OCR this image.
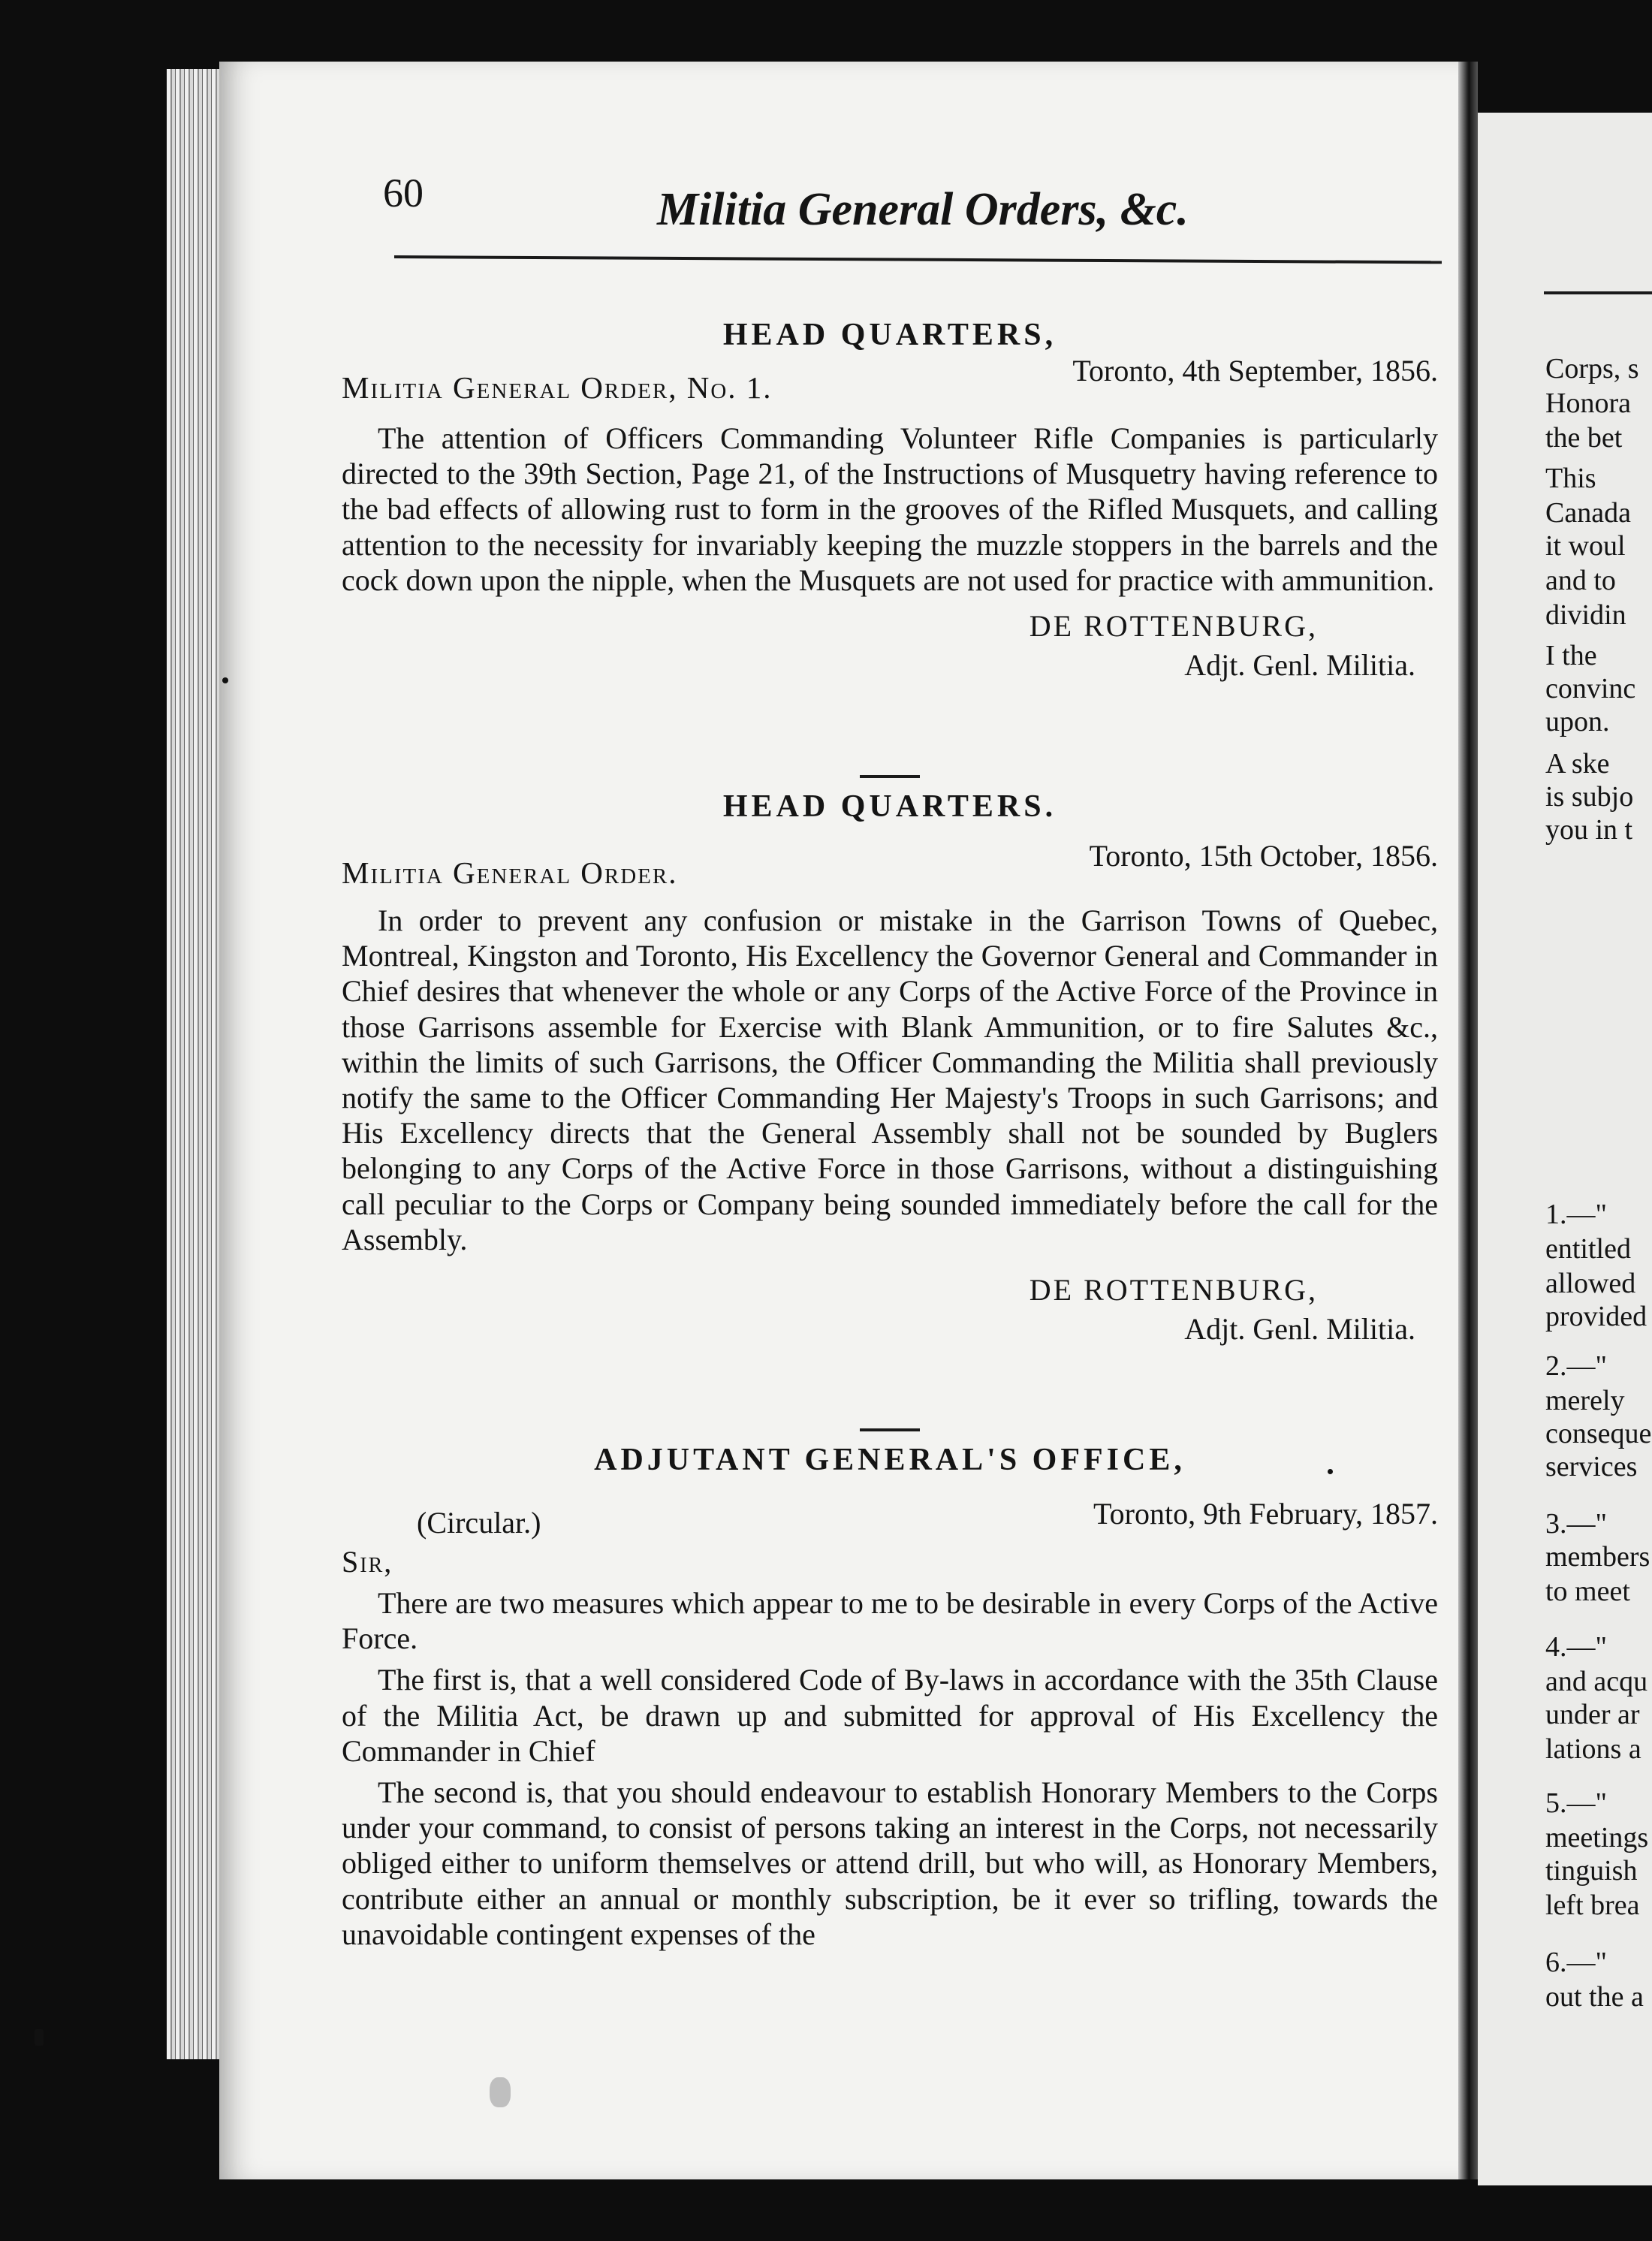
Corps, s
Honora
the bet
This
Canada
it woul
and to
dividin
I the
convinc
upon.
A ske
is subjo
you in t
1.—"
entitled
allowed
provided
2.—"
merely
conseque
services
3.—"
members
to meet
4.—"
and acqu
under ar
lations a
5.—"
meetings
tinguish
left brea
6.—"
out the a
60	Militia General Orders, &c.
HEAD QUARTERS,
Toronto, 4th September, 1856.
Militia General Order, No. 1.

The attention of Officers Commanding Volunteer Rifle Companies is particularly directed to the 39th Section, Page 21, of the Instructions of Musquetry having reference to the bad effects of allowing rust to form in the grooves of the Rifled Musquets, and calling attention to the necessity for invariably keeping the muzzle stoppers in the barrels and the cock down upon the nipple, when the Musquets are not used for practice with ammunition.

DE ROTTENBURG,
Adjt. Genl. Militia.
HEAD QUARTERS.
Toronto, 15th October, 1856.
Militia General Order.

In order to prevent any confusion or mistake in the Garrison Towns of Quebec, Montreal, Kingston and Toronto, His Excellency the Governor General and Commander in Chief desires that whenever the whole or any Corps of the Active Force of the Province in those Garrisons assemble for Exercise with Blank Ammunition, or to fire Salutes &c., within the limits of such Garrisons, the Officer Commanding the Militia shall previously notify the same to the Officer Commanding Her Majesty's Troops in such Garrisons; and His Excellency directs that the General Assembly shall not be sounded by Buglers belonging to any Corps of the Active Force in those Garrisons, without a distinguishing call peculiar to the Corps or Company being sounded immediately before the call for the Assembly.

DE ROTTENBURG,
Adjt. Genl. Militia.
ADJUTANT GENERAL'S OFFICE,
(Circular.)	Toronto, 9th February, 1857.
Sir,

There are two measures which appear to me to be desirable in every Corps of the Active Force.

The first is, that a well considered Code of By-laws in accordance with the 35th Clause of the Militia Act, be drawn up and submitted for approval of His Excellency the Commander in Chief

The second is, that you should endeavour to establish Honorary Members to the Corps under your command, to consist of persons taking an interest in the Corps, not necessarily obliged either to uniform themselves or attend drill, but who will, as Honorary Members, contribute either an annual or monthly subscription, be it ever so trifling, towards the unavoidable contingent expenses of the
